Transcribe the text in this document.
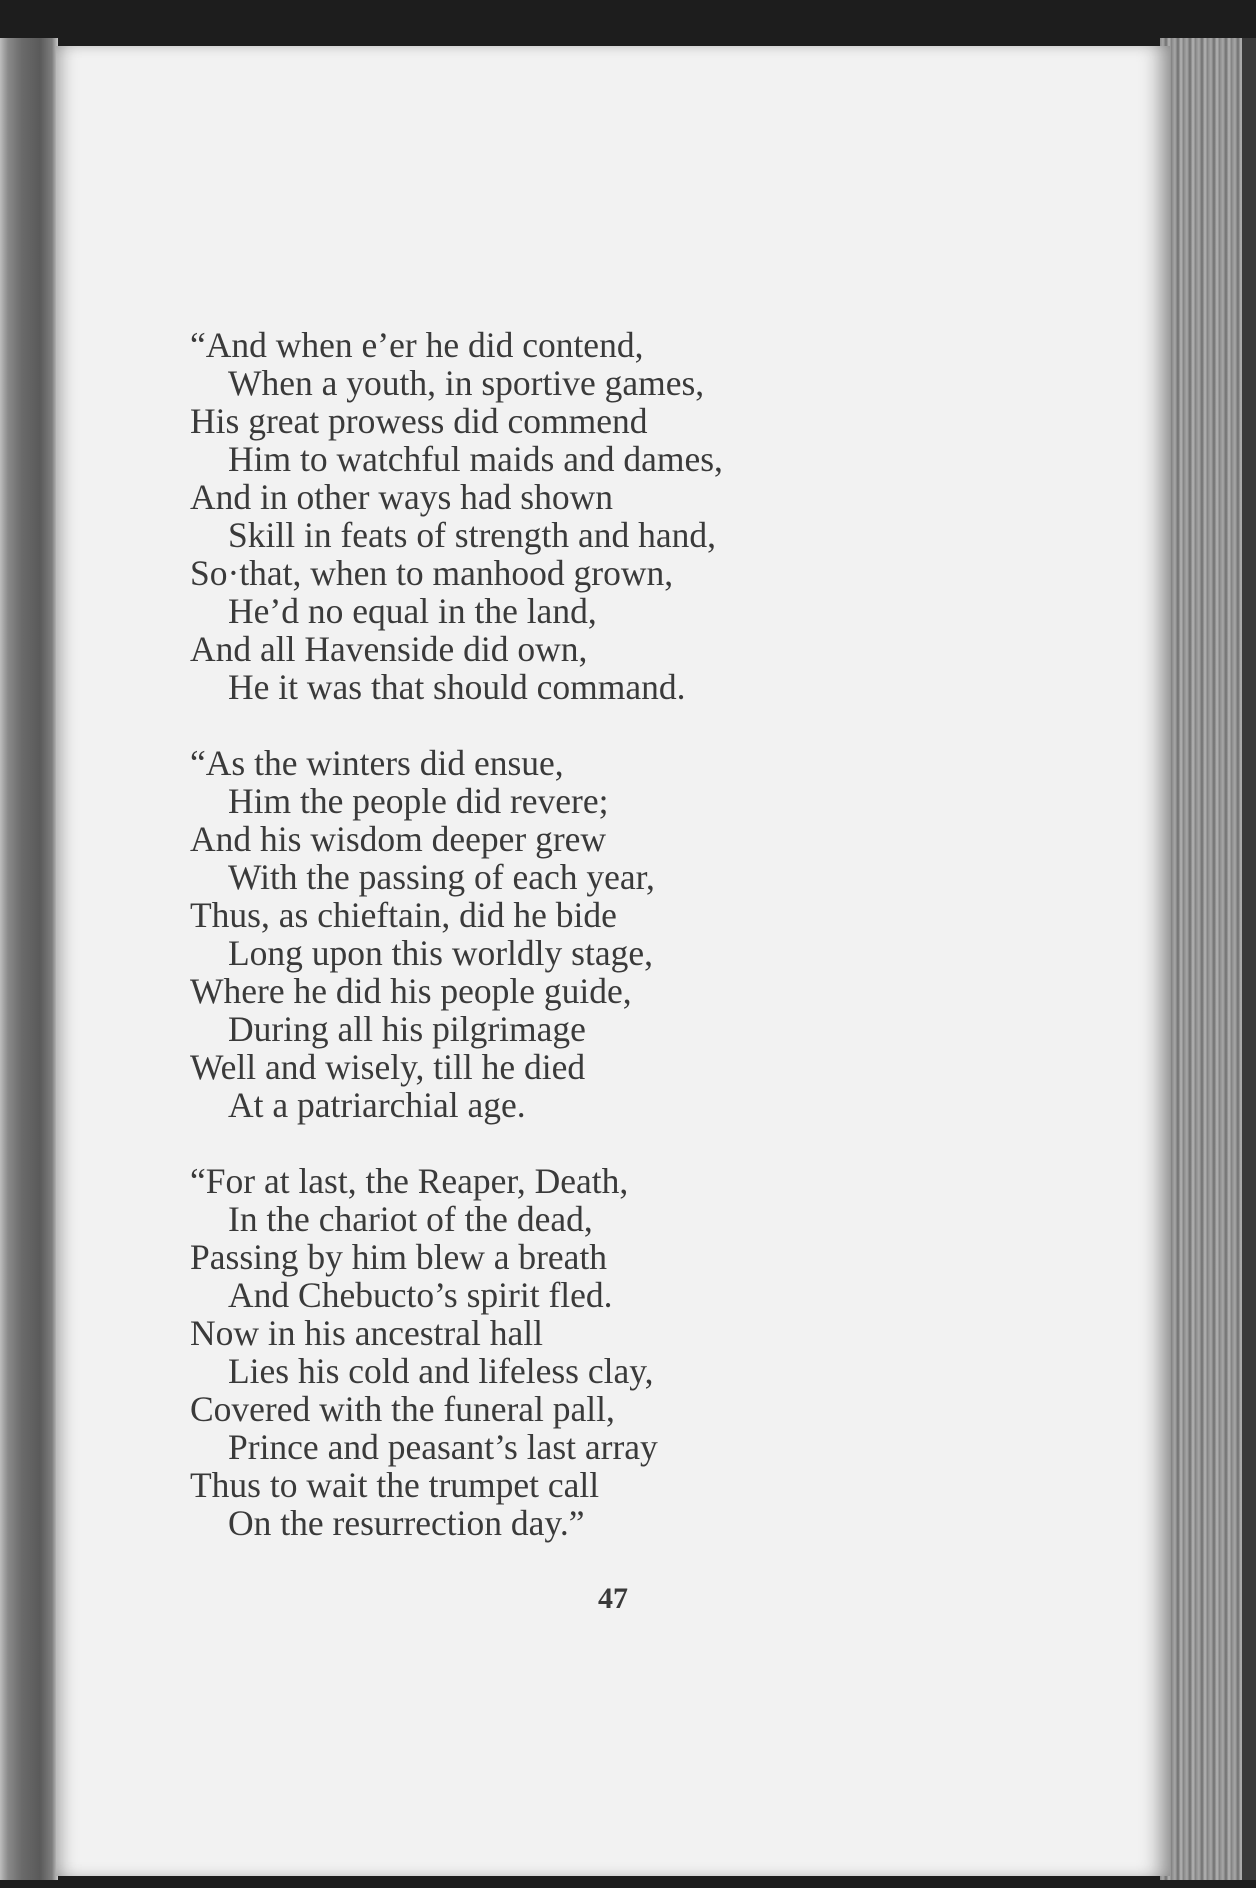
“And when e’er he did contend,
When a youth, in sportive games,
His great prowess did commend
Him to watchful maids and dames,
And in other ways had shown
Skill in feats of strength and hand,
So·that, when to manhood grown,
He’d no equal in the land,
And all Havenside did own,
He it was that should command.
“As the winters did ensue,
Him the people did revere;
And his wisdom deeper grew
With the passing of each year,
Thus, as chieftain, did he bide
Long upon this worldly stage,
Where he did his people guide,
During all his pilgrimage
Well and wisely, till he died
At a patriarchial age.
“For at last, the Reaper, Death,
In the chariot of the dead,
Passing by him blew a breath
And Chebucto’s spirit fled.
Now in his ancestral hall
Lies his cold and lifeless clay,
Covered with the funeral pall,
Prince and peasant’s last array
Thus to wait the trumpet call
On the resurrection day.”
47
